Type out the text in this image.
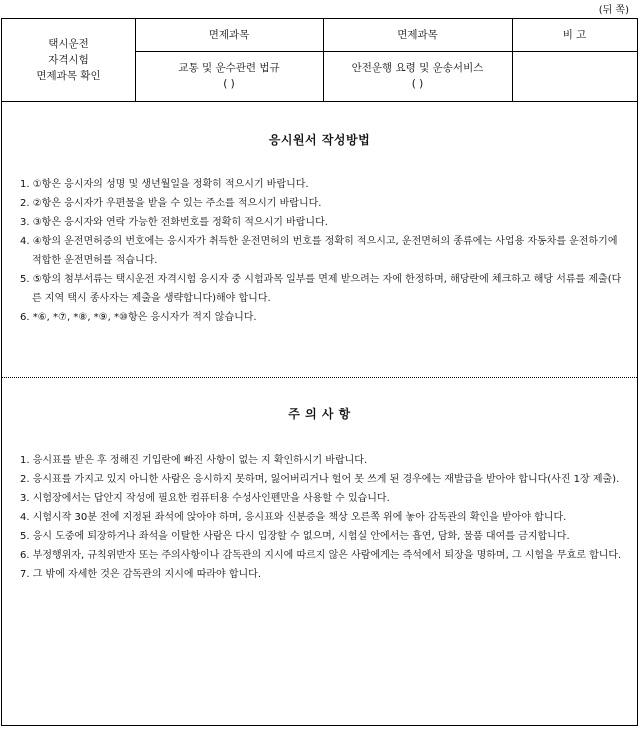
(뒤 쪽)
택시운전
자격시험
면제과목 확인
면제과목	면제과목	비 고
교통 및 운수관련 법규
( )
안전운행 요령 및 운송서비스
( )
응시원서 작성방법
1. ①항은 응시자의 성명 및 생년월일을 정확히 적으시기 바랍니다.
2. ②항은 응시자가 우편물을 받을 수 있는 주소를 적으시기 바랍니다.
3. ③항은 응시자와 연락 가능한 전화번호를 정확히 적으시기 바랍니다.
4. ④항의 운전면허증의 번호에는 응시자가 취득한 운전면허의 번호를 정확히 적으시고, 운전면허의 종류에는 사업용 자동차를 운전하기에 적합한 운전면허를 적습니다.
5. ⑤항의 첨부서류는 택시운전 자격시험 응시자 중 시험과목 일부를 면제 받으려는 자에 한정하며, 해당란에 체크하고 해당 서류를 제출(다른 지역 택시 종사자는 제출을 생략합니다)해야 합니다.
6. *⑥, *⑦, *⑧, *⑨, *⑩항은 응시자가 적지 않습니다.
주 의 사 항
1. 응시표를 받은 후 정해진 기입란에 빠진 사항이 없는 지 확인하시기 바랍니다.
2. 응시표를 가지고 있지 아니한 사람은 응시하지 못하며, 잃어버리거나 헐어 못 쓰게 된 경우에는 재발급을 받아야 합니다(사진 1장 제출).
3. 시험장에서는 답안지 작성에 필요한 컴퓨터용 수성사인펜만을 사용할 수 있습니다.
4. 시험시작 30분 전에 지정된 좌석에 앉아야 하며, 응시표와 신분증을 책상 오른쪽 위에 놓아 감독관의 확인을 받아야 합니다.
5. 응시 도중에 퇴장하거나 좌석을 이탈한 사람은 다시 입장할 수 없으며, 시험실 안에서는 흡연, 담화, 물품 대여를 금지합니다.
6. 부정행위자, 규칙위반자 또는 주의사항이나 감독관의 지시에 따르지 않은 사람에게는 즉석에서 퇴장을 명하며, 그 시험을 무효로 합니다.
7. 그 밖에 자세한 것은 감독관의 지시에 따라야 합니다.
